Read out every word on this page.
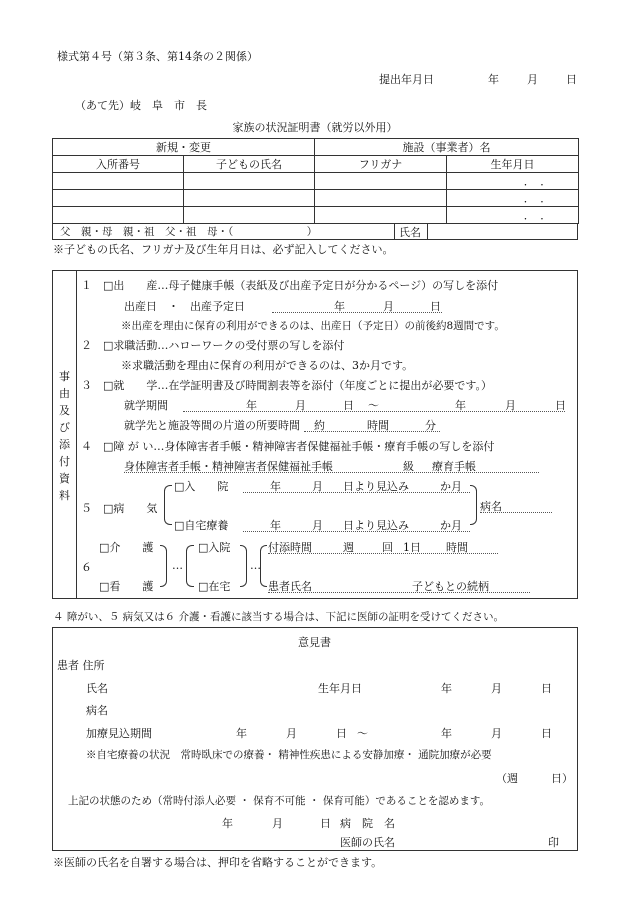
様式第４号（第３条、第14条の２関係）
提出年月日	年	月	日
（あて先）岐　阜　市　長
家族の状況証明書（就労以外用）
新規・変更		施設（事業者）名	
入所番号	子どもの氏名	フリガナ	生年月日
			．　．
			．　．
			．　．
父　親・母　親・祖　父・祖　母・（　　　　　　　）	氏名
※子どもの氏名、フリガナ及び生年月日は、必ず記入してください。
事
由
及
び
添
付
資
料
１　□出　　産…母子健康手帳（表紙及び出産予定日が分かるページ）の写しを添付
出産日　・　出産予定日	年	月	日
※出産を理由に保育の利用ができるのは、出産日（予定日）の前後約8週間です。
２　□求職活動…ハローワークの受付票の写しを添付
※求職活動を理由に保育の利用ができるのは、3か月です。
３　□就　　学…在学証明書及び時間割表等を添付（年度ごとに提出が必要です。）
就学期間	年	月	日 ～	年	月	日
就学先と施設等間の片道の所要時間 約	時間	分
４　□障 が い…身体障害者手帳・精神障害者保健福祉手帳・療育手帳の写しを添付
身体障害者手帳・精神障害者保健福祉手帳	級 療育手帳
５　□病　　気
□入　　院	年	月 日より見込み	か月
□自宅療養	年	月 日より見込み	か月
病名
□介　　護
６
□看　　護
…
□入院
□在宅
…
付添時間	週	回 1日 時間
患者氏名	子どもとの続柄
４ 障がい、５ 病気又は６ 介護・看護に該当する場合は、下記に医師の証明を受けてください。
意見書
患者 住所
氏名	生年月日	年	月	日
病名
加療見込期間	年	月	日 ～	年	月	日
※自宅療養の状況　常時臥床での療養・ 精神性疾患による安静加療・ 通院加療が必要
（週　　　日）
上記の状態のため（常時付添人必要 ・ 保育不可能 ・ 保育可能）であることを認めます。
年	月	日 病　院　名
医師の氏名	印
※医師の氏名を自署する場合は、押印を省略することができます。
